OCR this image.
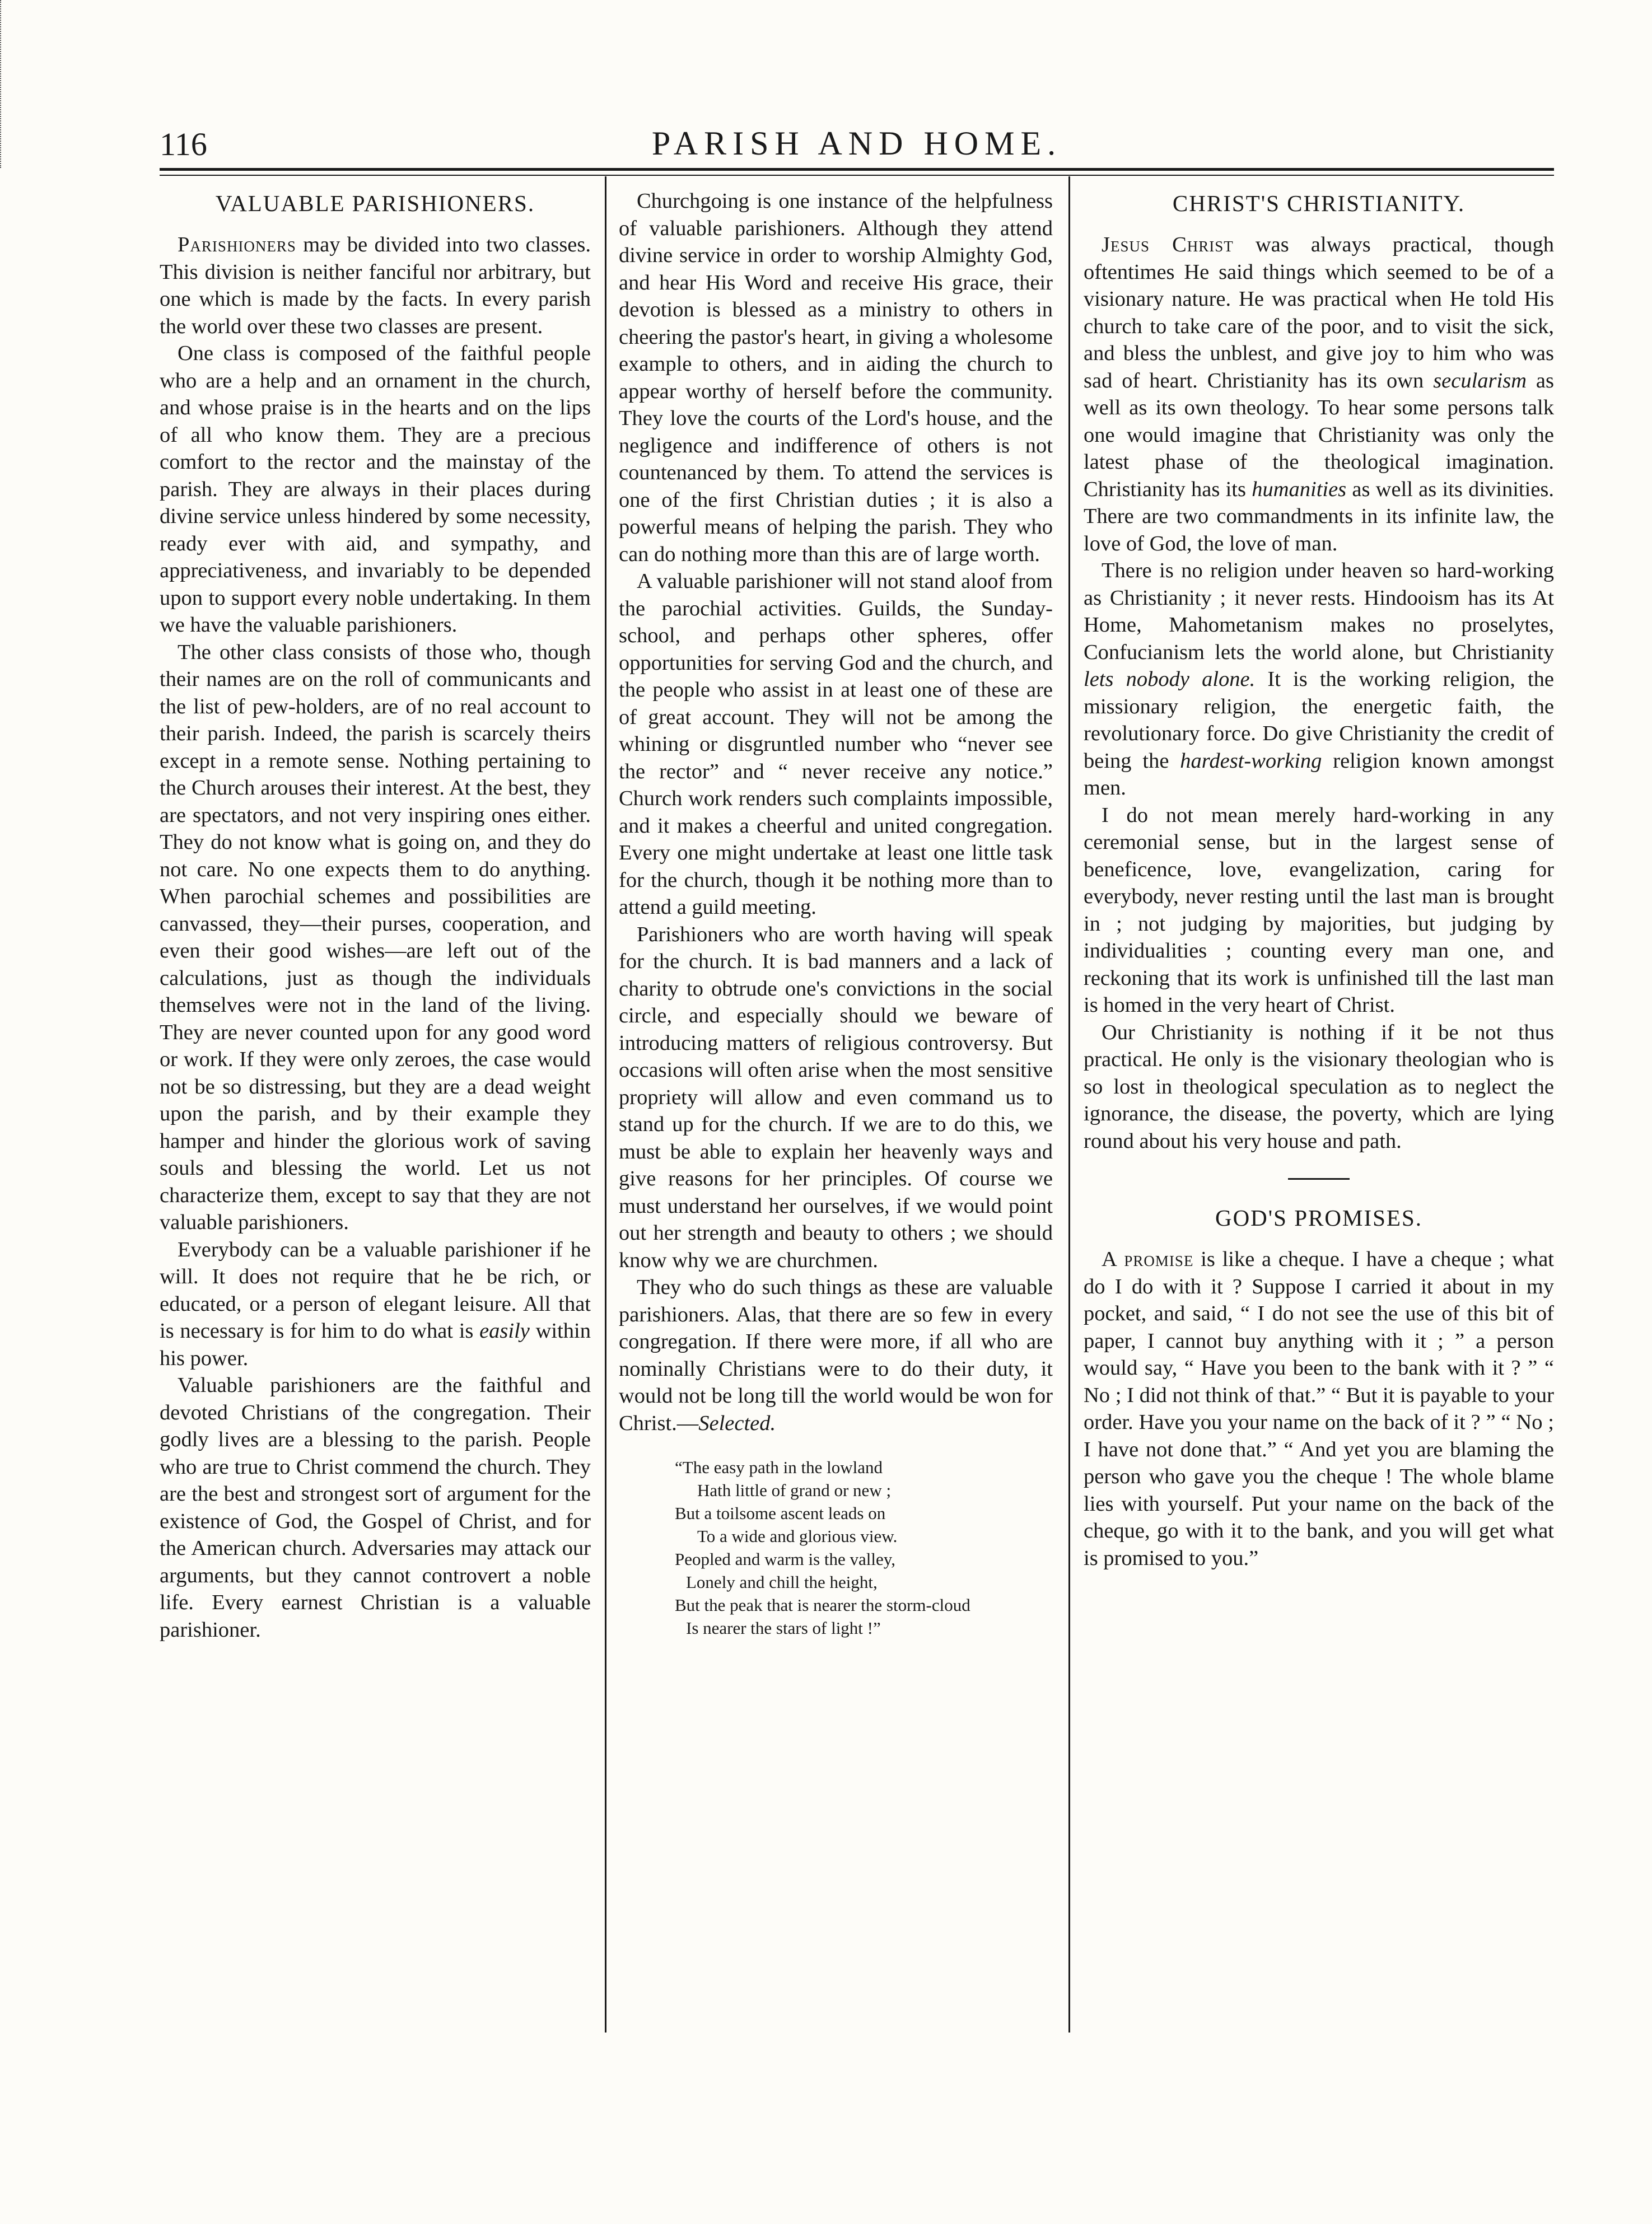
116	PARISH AND HOME.
VALUABLE PARISHIONERS.

Parishioners may be divided into two classes. This division is neither fanciful nor arbitrary, but one which is made by the facts. In every parish the world over these two classes are present.

One class is composed of the faithful people who are a help and an ornament in the church, and whose praise is in the hearts and on the lips of all who know them. They are a precious comfort to the rector and the mainstay of the parish. They are always in their places during divine service unless hindered by some necessity, ready ever with aid, and sympathy, and appreciativeness, and invariably to be depended upon to support every noble undertaking. In them we have the valuable parishioners.

The other class consists of those who, though their names are on the roll of communicants and the list of pew-holders, are of no real account to their parish. Indeed, the parish is scarcely theirs except in a remote sense. Nothing pertaining to the Church arouses their interest. At the best, they are spectators, and not very inspiring ones either. They do not know what is going on, and they do not care. No one expects them to do anything. When parochial schemes and possibilities are canvassed, they—their purses, cooperation, and even their good wishes—are left out of the calculations, just as though the individuals themselves were not in the land of the living. They are never counted upon for any good word or work. If they were only zeroes, the case would not be so distressing, but they are a dead weight upon the parish, and by their example they hamper and hinder the glorious work of saving souls and blessing the world. Let us not characterize them, except to say that they are not valuable parishioners.

Everybody can be a valuable parishioner if he will. It does not require that he be rich, or educated, or a person of elegant leisure. All that is necessary is for him to do what is easily within his power.

Valuable parishioners are the faithful and devoted Christians of the congregation. Their godly lives are a blessing to the parish. People who are true to Christ commend the church. They are the best and strongest sort of argument for the existence of God, the Gospel of Christ, and for the American church. Adversaries may attack our arguments, but they cannot controvert a noble life. Every earnest Christian is a valuable parishioner.

Churchgoing is one instance of the helpfulness of valuable parishioners. Although they attend divine service in order to worship Almighty God, and hear His Word and receive His grace, their devotion is blessed as a ministry to others in cheering the pastor's heart, in giving a wholesome example to others, and in aiding the church to appear worthy of herself before the community. They love the courts of the Lord's house, and the negligence and indifference of others is not countenanced by them. To attend the services is one of the first Christian duties ; it is also a powerful means of helping the parish. They who can do nothing more than this are of large worth.

A valuable parishioner will not stand aloof from the parochial activities. Guilds, the Sunday-school, and perhaps other spheres, offer opportunities for serving God and the church, and the people who assist in at least one of these are of great account. They will not be among the whining or disgruntled number who “never see the rector” and “ never receive any notice.” Church work renders such complaints impossible, and it makes a cheerful and united congregation. Every one might undertake at least one little task for the church, though it be nothing more than to attend a guild meeting.

Parishioners who are worth having will speak for the church. It is bad manners and a lack of charity to obtrude one's convictions in the social circle, and especially should we beware of introducing matters of religious controversy. But occasions will often arise when the most sensitive propriety will allow and even command us to stand up for the church. If we are to do this, we must be able to explain her heavenly ways and give reasons for her principles. Of course we must understand her ourselves, if we would point out her strength and beauty to others ; we should know why we are churchmen.

They who do such things as these are valuable parishioners. Alas, that there are so few in every congregation. If there were more, if all who are nominally Christians were to do their duty, it would not be long till the world would be won for Christ.—Selected.

“The easy path in the lowland
Hath little of grand or new ;
But a toilsome ascent leads on
To a wide and glorious view.
Peopled and warm is the valley,
Lonely and chill the height,
But the peak that is nearer the storm-cloud
Is nearer the stars of light !”
CHRIST'S CHRISTIANITY.

Jesus Christ was always practical, though oftentimes He said things which seemed to be of a visionary nature. He was practical when He told His church to take care of the poor, and to visit the sick, and bless the unblest, and give joy to him who was sad of heart. Christianity has its own secularism as well as its own theology. To hear some persons talk one would imagine that Christianity was only the latest phase of the theological imagination. Christianity has its humanities as well as its divinities. There are two commandments in its infinite law, the love of God, the love of man.

There is no religion under heaven so hard-working as Christianity ; it never rests. Hindooism has its At Home, Mahometanism makes no proselytes, Confucianism lets the world alone, but Christianity lets nobody alone. It is the working religion, the missionary religion, the energetic faith, the revolutionary force. Do give Christianity the credit of being the hardest-working religion known amongst men.

I do not mean merely hard-working in any ceremonial sense, but in the largest sense of beneficence, love, evangelization, caring for everybody, never resting until the last man is brought in ; not judging by majorities, but judging by individualities ; counting every man one, and reckoning that its work is unfinished till the last man is homed in the very heart of Christ.

Our Christianity is nothing if it be not thus practical. He only is the visionary theologian who is so lost in theological speculation as to neglect the ignorance, the disease, the poverty, which are lying round about his very house and path.

GOD'S PROMISES.

A promise is like a cheque. I have a cheque ; what do I do with it ? Suppose I carried it about in my pocket, and said, “ I do not see the use of this bit of paper, I cannot buy anything with it ; ” a person would say, “ Have you been to the bank with it ? ” “ No ; I did not think of that.” “ But it is payable to your order. Have you your name on the back of it ? ” “ No ; I have not done that.” “ And yet you are blaming the person who gave you the cheque ! The whole blame lies with yourself. Put your name on the back of the cheque, go with it to the bank, and you will get what is promised to you.”
